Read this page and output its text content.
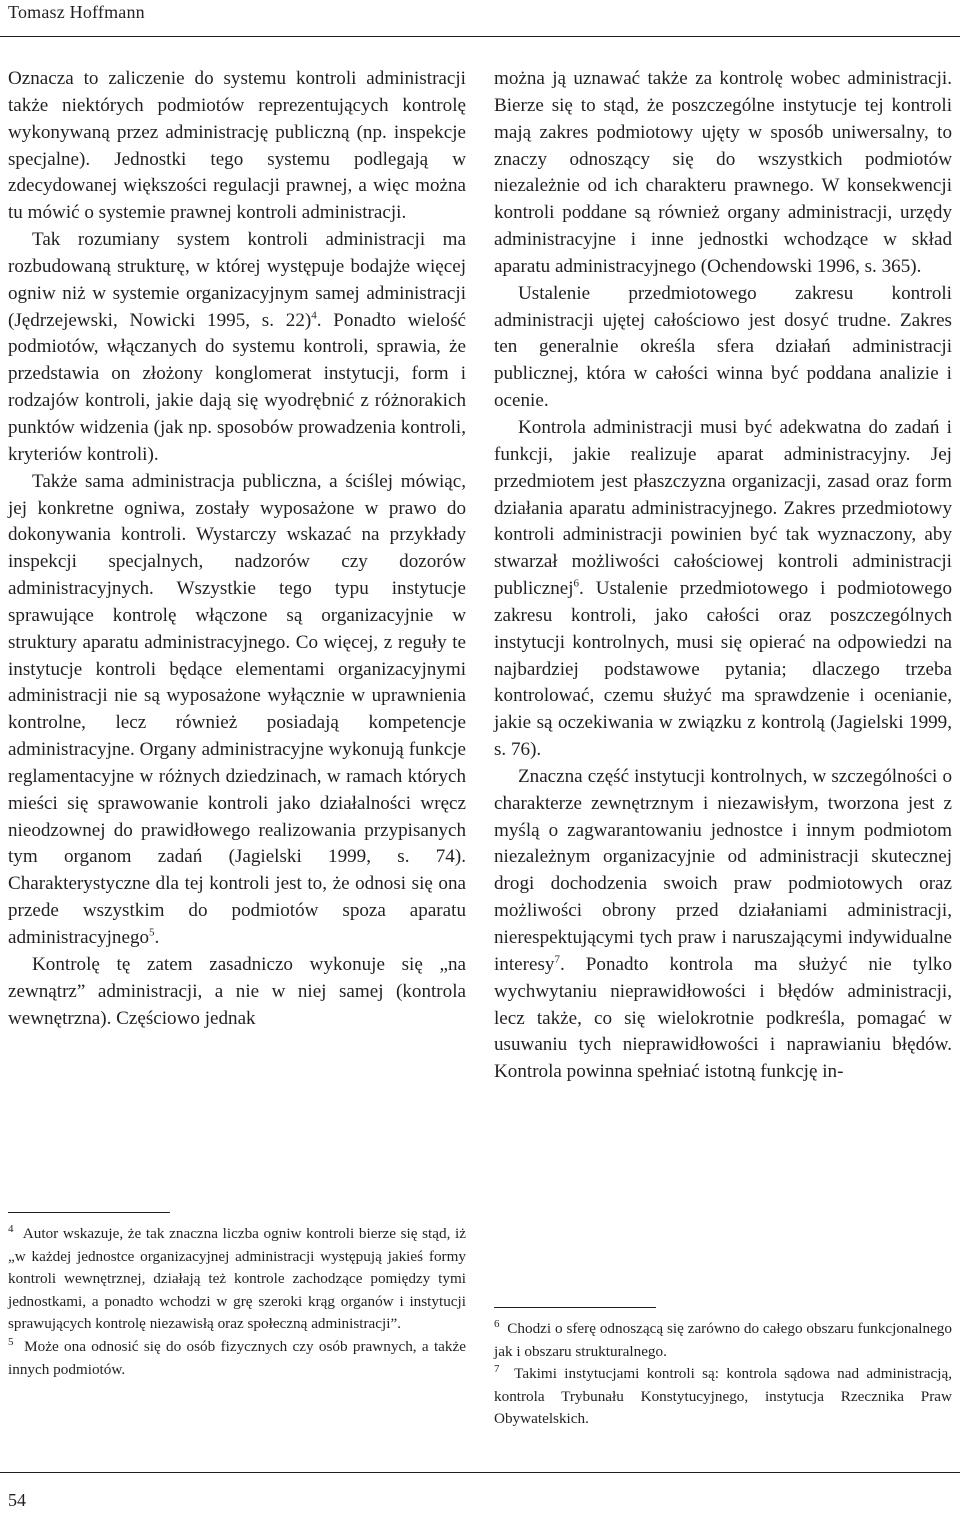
Tomasz Hoffmann

Oznacza to zaliczenie do systemu kontroli administracji także niektórych podmiotów reprezentujących kontrolę wykonywaną przez administrację publiczną (np. inspekcje specjalne). Jednostki tego systemu podlegają w zdecydowanej większości regulacji prawnej, a więc można tu mówić o systemie prawnej kontroli administracji.

Tak rozumiany system kontroli administracji ma rozbudowaną strukturę, w której występuje bodajże więcej ogniw niż w systemie organizacyjnym samej administracji (Jędrzejewski, Nowicki 1995, s. 22)$^4$. Ponadto wielość podmiotów, włączanych do systemu kontroli, sprawia, że przedstawia on złożony konglomerat instytucji, form i rodzajów kontroli, jakie dają się wyodrębnić z różnorakich punktów widzenia (jak np. sposobów prowadzenia kontroli, kryteriów kontroli).

Także sama administracja publiczna, a ściślej mówiąc, jej konkretne ogniwa, zostały wyposażone w prawo do dokonywania kontroli. Wystarczy wskazać na przykłady inspekcji specjalnych, nadzorów czy dozorów administracyjnych. Wszystkie tego typu instytucje sprawujące kontrolę włączone są organizacyjnie w struktury aparatu administracyjnego. Co więcej, z reguły te instytucje kontroli będące elementami organizacyjnymi administracji nie są wyposażone wyłącznie w uprawnienia kontrolne, lecz również posiadają kompetencje administracyjne. Organy administracyjne wykonują funkcje reglamentacyjne w różnych dziedzinach, w ramach których mieści się sprawowanie kontroli jako działalności wręcz nieodzownej do prawidłowego realizowania przypisanych tym organom zadań (Jagielski 1999, s. 74). Charakterystyczne dla tej kontroli jest to, że odnosi się ona przede wszystkim do podmiotów spoza aparatu administracyjnego$^5$.

Kontrolę tę zatem zasadniczo wykonuje się „na zewnątrz” administracji, a nie w niej samej (kontrola wewnętrzna). Częściowo jednak

$^4$ Autor wskazuje, że tak znaczna liczba ogniw kontroli bierze się stąd, iż „w każdej jednostce organizacyjnej administracji występują jakieś formy kontroli wewnętrznej, działają też kontrole zachodzące pomiędzy tymi jednostkami, a ponadto wchodzi w grę szeroki krąg organów i instytucji sprawujących kontrolę niezawisłą oraz społeczną administracji”.

$^5$ Może ona odnosić się do osób fizycznych czy osób prawnych, a także innych podmiotów.

można ją uznawać także za kontrolę wobec administracji. Bierze się to stąd, że poszczególne instytucje tej kontroli mają zakres podmiotowy ujęty w sposób uniwersalny, to znaczy odnoszący się do wszystkich podmiotów niezależnie od ich charakteru prawnego. W konsekwencji kontroli poddane są również organy administracji, urzędy administracyjne i inne jednostki wchodzące w skład aparatu administracyjnego (Ochendowski 1996, s. 365).

Ustalenie przedmiotowego zakresu kontroli administracji ujętej całościowo jest dosyć trudne. Zakres ten generalnie określa sfera działań administracji publicznej, która w całości winna być poddana analizie i ocenie.

Kontrola administracji musi być adekwatna do zadań i funkcji, jakie realizuje aparat administracyjny. Jej przedmiotem jest płaszczyzna organizacji, zasad oraz form działania aparatu administracyjnego. Zakres przedmiotowy kontroli administracji powinien być tak wyznaczony, aby stwarzał możliwości całościowej kontroli administracji publicznej$^6$. Ustalenie przedmiotowego i podmiotowego zakresu kontroli, jako całości oraz poszczególnych instytucji kontrolnych, musi się opierać na odpowiedzi na najbardziej podstawowe pytania; dlaczego trzeba kontrolować, czemu służyć ma sprawdzenie i ocenianie, jakie są oczekiwania w związku z kontrolą (Jagielski 1999, s. 76).

Znaczna część instytucji kontrolnych, w szczególności o charakterze zewnętrznym i niezawisłym, tworzona jest z myślą o zagwarantowaniu jednostce i innym podmiotom niezależnym organizacyjnie od administracji skutecznej drogi dochodzenia swoich praw podmiotowych oraz możliwości obrony przed działaniami administracji, nierespektującymi tych praw i naruszającymi indywidualne interesy$^7$. Ponadto kontrola ma służyć nie tylko wychwytaniu nieprawidłowości i błędów administracji, lecz także, co się wielokrotnie podkreśla, pomagać w usuwaniu tych nieprawidłowości i naprawianiu błędów. Kontrola powinna spełniać istotną funkcję in-

$^6$ Chodzi o sferę odnoszącą się zarówno do całego obszaru funkcjonalnego jak i obszaru strukturalnego.

$^7$ Takimi instytucjami kontroli są: kontrola sądowa nad administracją, kontrola Trybunału Konstytucyjnego, instytucja Rzecznika Praw Obywatelskich.

54
